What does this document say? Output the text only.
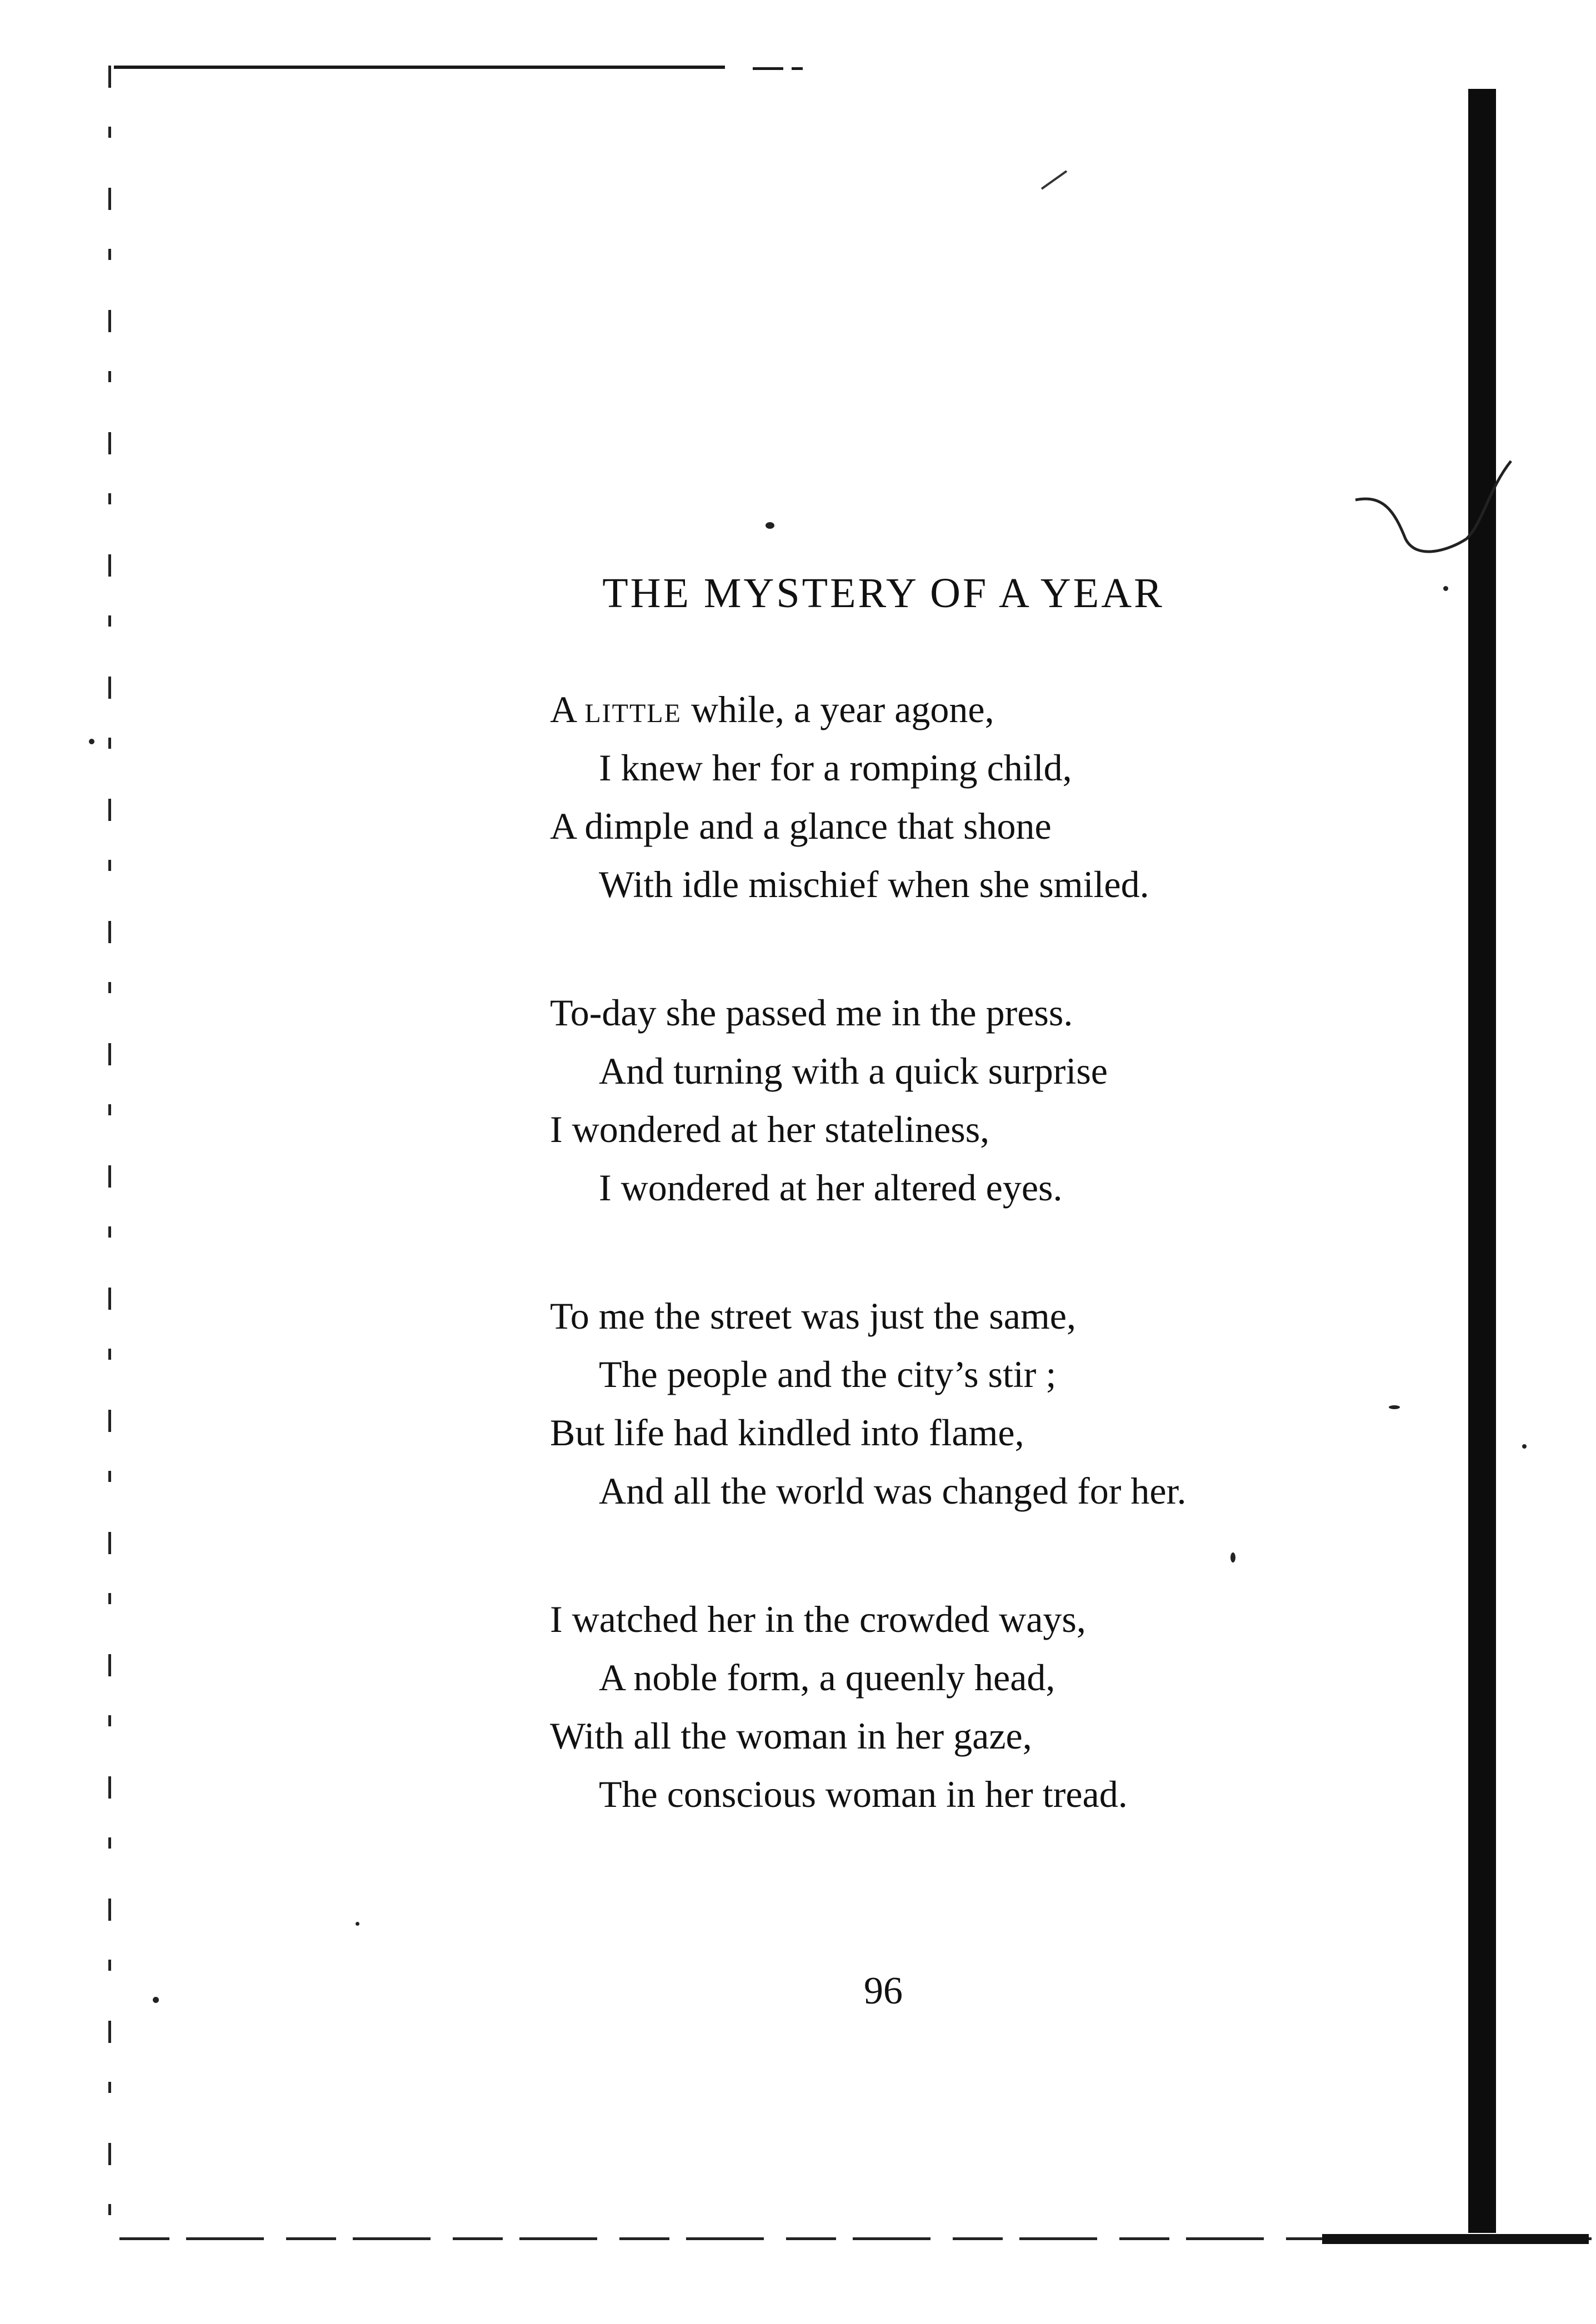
THE MYSTERY OF A YEAR
A little while, a year agone,
I knew her for a romping child,
A dimple and a glance that shone
With idle mischief when she smiled.
To-day she passed me in the press.
And turning with a quick surprise
I wondered at her stateliness,
I wondered at her altered eyes.
To me the street was just the same,
The people and the city’s stir ;
But life had kindled into flame,
And all the world was changed for her.
I watched her in the crowded ways,
A noble form, a queenly head,
With all the woman in her gaze,
The conscious woman in her tread.
96
